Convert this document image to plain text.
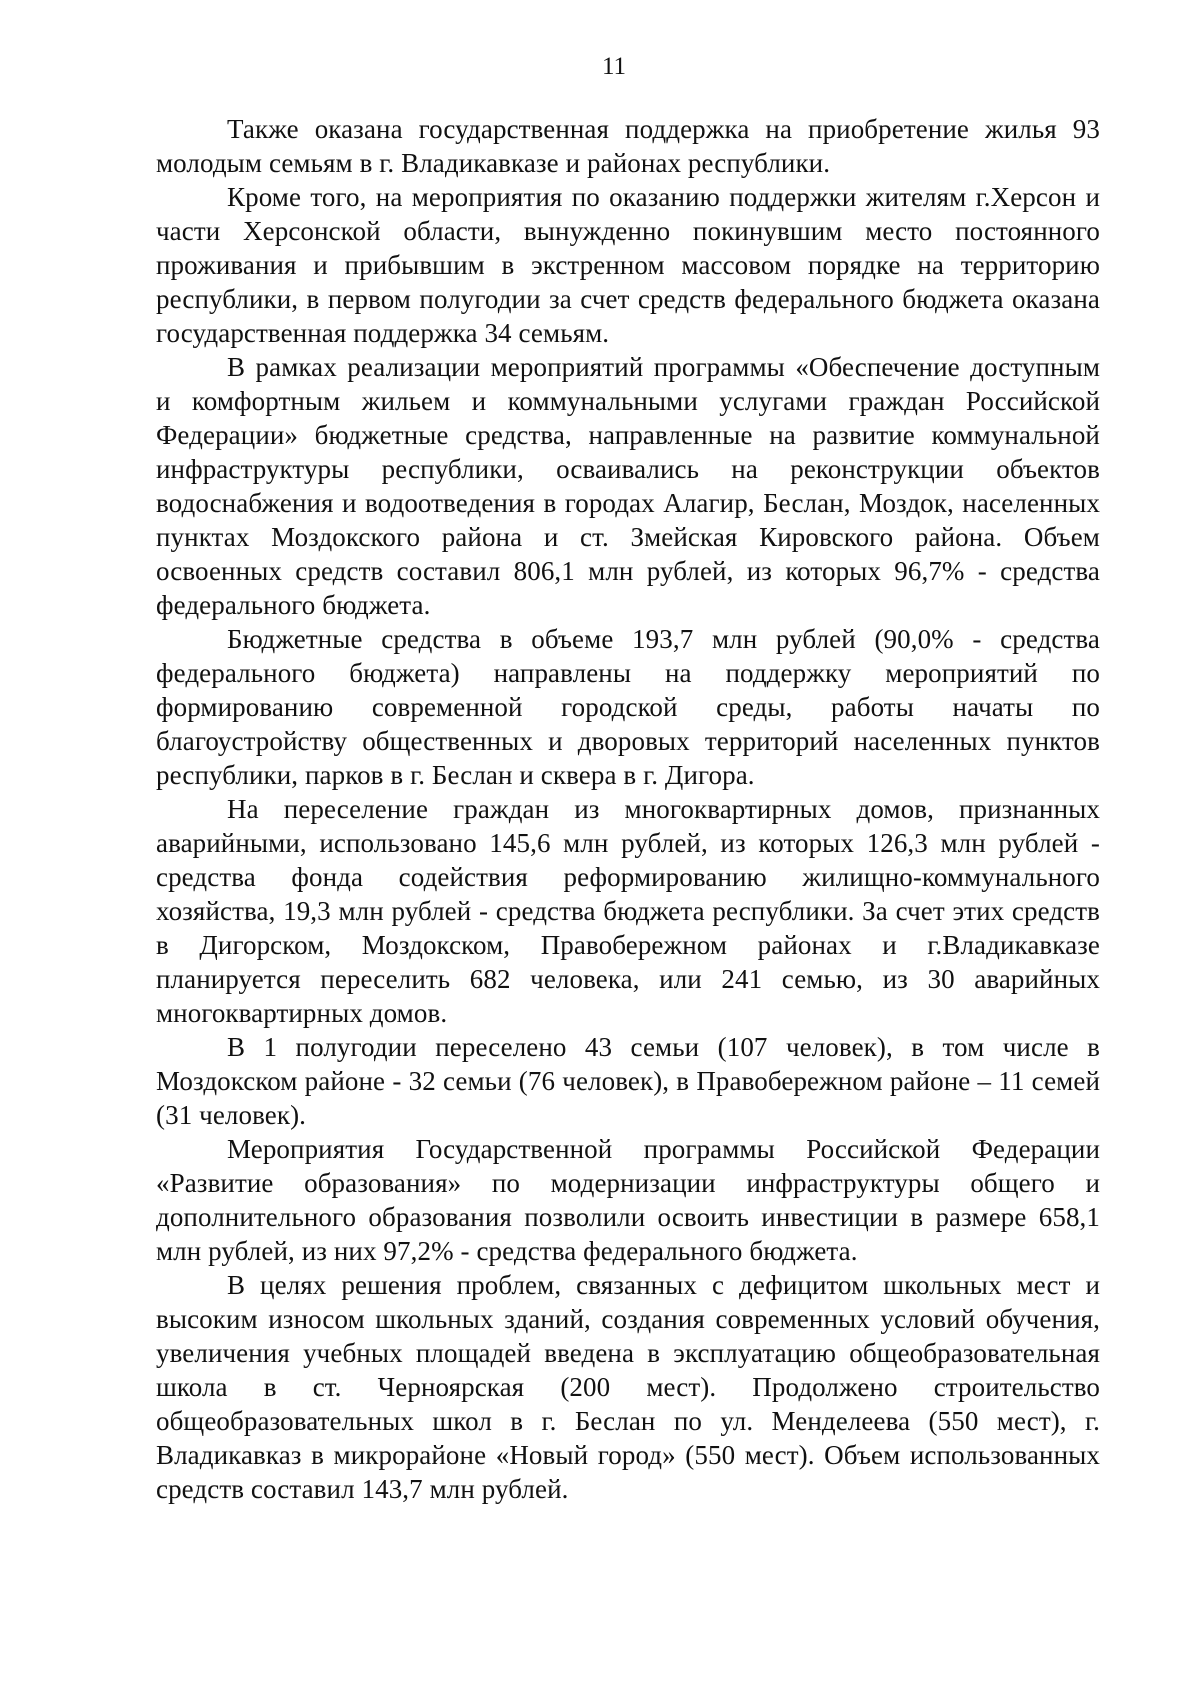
11

Также оказана государственная поддержка на приобретение жилья 93 молодым семьям в г. Владикавказе и районах республики.

Кроме того, на мероприятия по оказанию поддержки жителям г.Херсон и части Херсонской области, вынужденно покинувшим место постоянного проживания и прибывшим в экстренном массовом порядке на территорию республики, в первом полугодии за счет средств федерального бюджета оказана государственная поддержка 34 семьям.

В рамках реализации мероприятий программы «Обеспечение доступным и комфортным жильем и коммунальными услугами граждан Российской Федерации» бюджетные средства, направленные на развитие коммунальной инфраструктуры республики, осваивались на реконструкции объектов водоснабжения и водоотведения в городах Алагир, Беслан, Моздок, населенных пунктах Моздокского района и ст. Змейская Кировского района. Объем освоенных средств составил 806,1 млн рублей, из которых 96,7% - средства федерального бюджета.

Бюджетные средства в объеме 193,7 млн рублей (90,0% - средства федерального бюджета) направлены на поддержку мероприятий по формированию современной городской среды, работы начаты по благоустройству общественных и дворовых территорий населенных пунктов республики, парков в г. Беслан и сквера в г. Дигора.

На переселение граждан из многоквартирных домов, признанных аварийными, использовано 145,6 млн рублей, из которых 126,3 млн рублей - средства фонда содействия реформированию жилищно-коммунального хозяйства, 19,3 млн рублей - средства бюджета республики. За счет этих средств в Дигорском, Моздокском, Правобережном районах и г.Владикавказе планируется переселить 682 человека, или 241 семью, из 30 аварийных многоквартирных домов.

В 1 полугодии переселено 43 семьи (107 человек), в том числе в Моздокском районе - 32 семьи (76 человек), в Правобережном районе – 11 семей (31 человек).

Мероприятия Государственной программы Российской Федерации «Развитие образования» по модернизации инфраструктуры общего и дополнительного образования позволили освоить инвестиции в размере 658,1 млн рублей, из них 97,2% - средства федерального бюджета.

В целях решения проблем, связанных с дефицитом школьных мест и высоким износом школьных зданий, создания современных условий обучения, увеличения учебных площадей введена в эксплуатацию общеобразовательная школа в ст. Черноярская (200 мест). Продолжено строительство общеобразовательных школ в г. Беслан по ул. Менделеева (550 мест), г. Владикавказ в микрорайоне «Новый город» (550 мест). Объем использованных средств составил 143,7 млн рублей.
